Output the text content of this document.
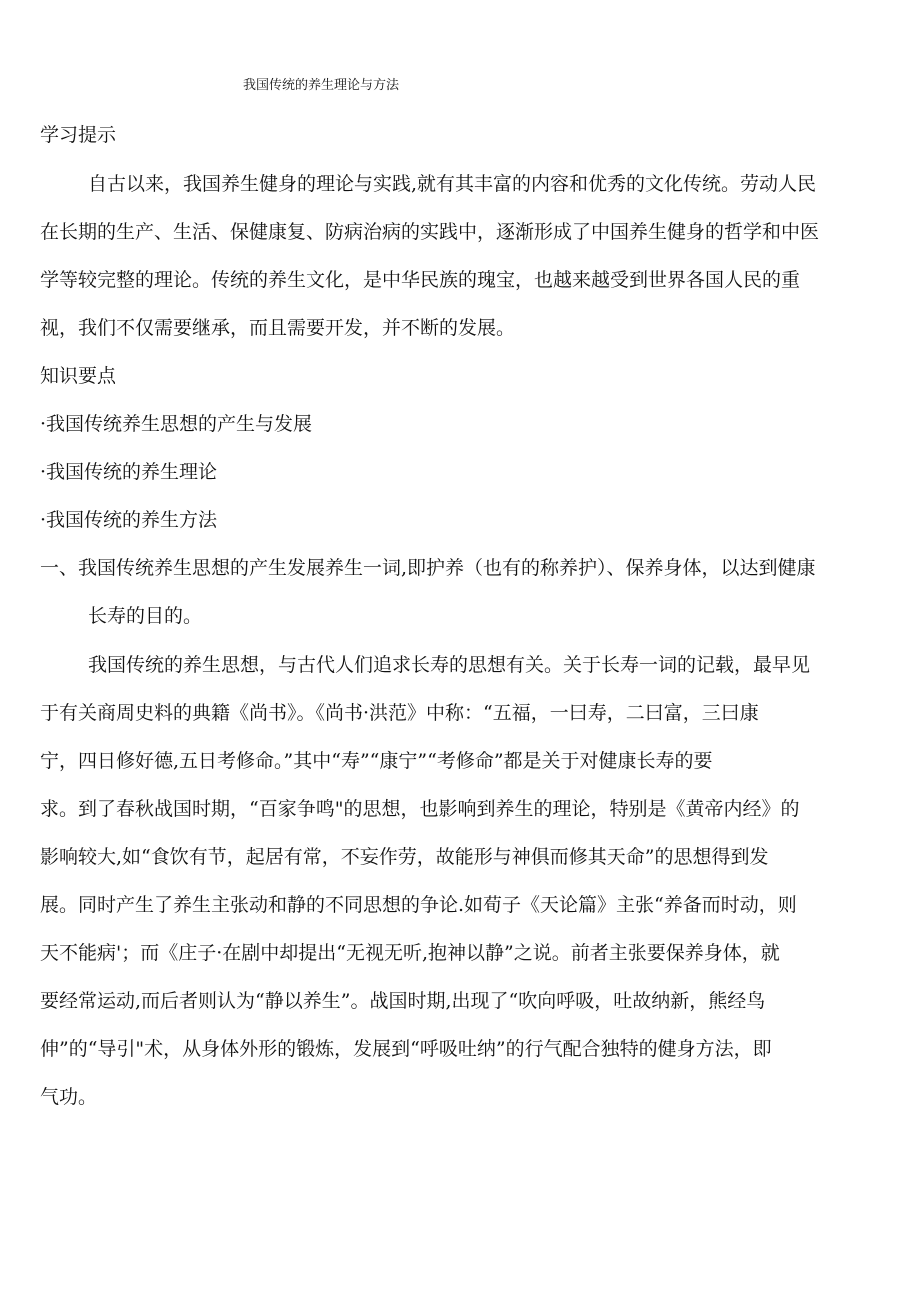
我国传统的养生理论与方法
学习提示
自古以来，我国养生健身的理论与实践,就有其丰富的内容和优秀的文化传统。劳动人民
在长期的生产、生活、保健康复、防病治病的实践中，逐渐形成了中国养生健身的哲学和中医
学等较完整的理论。传统的养生文化，是中华民族的瑰宝，也越来越受到世界各国人民的重
视，我们不仅需要继承，而且需要开发，并不断的发展。
知识要点
·我国传统养生思想的产生与发展
·我国传统的养生理论
·我国传统的养生方法
一、我国传统养生思想的产生发展养生一词,即护养（也有的称养护）、保养身体，以达到健康
长寿的目的。
我国传统的养生思想，与古代人们追求长寿的思想有关。关于长寿一词的记载，最早见
于有关商周史料的典籍《尚书》。《尚书·洪范》中称：“五福，一曰寿，二曰富，三曰康
宁，四日修好德,五日考修命。”其中“寿”“康宁”“考修命”都是关于对健康长寿的要
求。到了春秋战国时期，“百家争鸣"的思想，也影响到养生的理论，特别是《黄帝内经》的
影响较大,如“食饮有节，起居有常，不妄作劳，故能形与神俱而修其天命”的思想得到发
展。同时产生了养生主张动和静的不同思想的争论.如荀子《天论篇》主张“养备而时动，则
天不能病'；而《庄子·在剧中却提出“无视无听,抱神以静”之说。前者主张要保养身体，就
要经常运动,而后者则认为“静以养生”。战国时期,出现了“吹向呼吸，吐故纳新，熊经鸟
伸”的“导引"术，从身体外形的锻炼，发展到“呼吸吐纳”的行气配合独特的健身方法，即
气功。
